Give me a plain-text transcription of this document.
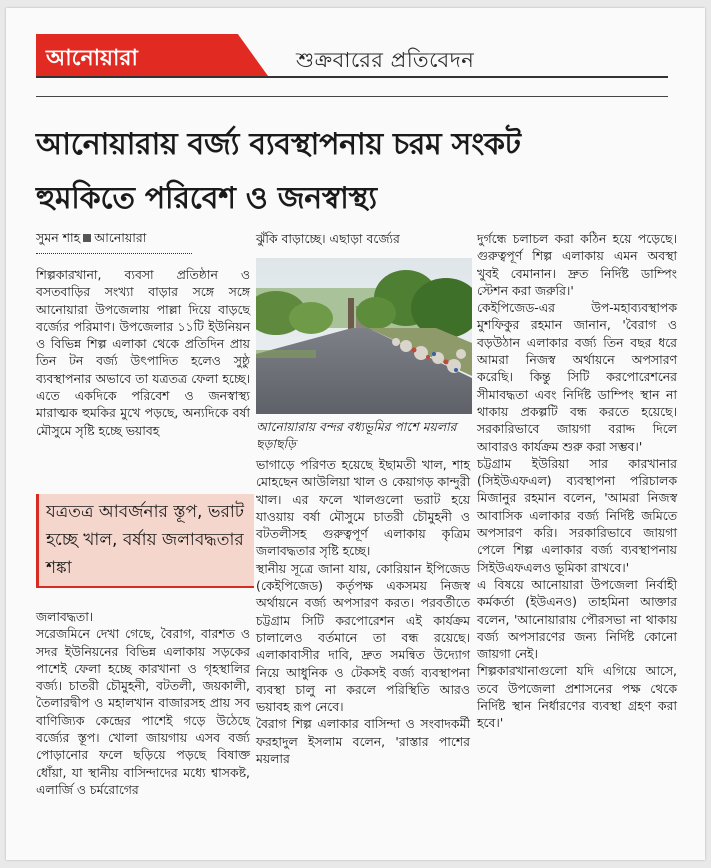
আনোয়ারা	শুক্রবারের প্রতিবেদন
আনোয়ারায় বর্জ্য ব্যবস্থাপনায় চরম সংকট
হুমকিতে পরিবেশ ও জনস্বাস্থ্য
সুমন শাহ আনোয়ারা

শিল্পকারখানা, ব্যবসা প্রতিষ্ঠান ও বসতবাড়ির সংখ্যা বাড়ার সঙ্গে সঙ্গে আনোয়ারা উপজেলায় পাল্লা দিয়ে বাড়ছে বর্জ্যের পরিমাণ। উপজেলার ১১টি ইউনিয়ন ও বিভিন্ন শিল্প এলাকা থেকে প্রতিদিন প্রায় তিন টন বর্জ্য উৎপাদিত হলেও সুষ্ঠু ব্যবস্থাপনার অভাবে তা যত্রতত্র ফেলা হচ্ছে। এতে একদিকে পরিবেশ ও জনস্বাস্থ্য মারাত্মক হুমকির মুখে পড়ছে, অন্যদিকে বর্ষা মৌসুমে সৃষ্টি হচ্ছে ভয়াবহ

যত্রতত্র আবর্জনার স্তূপ, ভরাট হচ্ছে খাল, বর্ষায় জলাবদ্ধতার শঙ্কা

জলাবদ্ধতা।

সরেজমিনে দেখা গেছে, বৈরাগ, বারশত ও সদর ইউনিয়নের বিভিন্ন এলাকায় সড়কের পাশেই ফেলা হচ্ছে কারখানা ও গৃহস্থালির বর্জ্য। চাতরী চৌমুহনী, বটতলী, জয়কালী, তৈলারদ্বীপ ও মহালখান বাজারসহ প্রায় সব বাণিজ্যিক কেন্দ্রের পাশেই গড়ে উঠেছে বর্জ্যের স্তূপ। খোলা জায়গায় এসব বর্জ্য পোড়ানোর ফলে ছড়িয়ে পড়ছে বিষাক্ত ধোঁয়া, যা স্থানীয় বাসিন্দাদের মধ্যে শ্বাসকষ্ট, এলার্জি ও চর্মরোগের

ঝুঁকি বাড়াচ্ছে। এছাড়া বর্জ্যের

আনোয়ারায় বন্দর বধ্যভূমির পাশে ময়লার ছড়াছড়ি

ভাগাড়ে পরিণত হয়েছে ইছামতী খাল, শাহ মোহছেন আউলিয়া খাল ও কেয়াগড় কান্দুরী খাল। এর ফলে খালগুলো ভরাট হয়ে যাওয়ায় বর্ষা মৌসুমে চাতরী চৌমুহনী ও বটতলীসহ গুরুত্বপূর্ণ এলাকায় কৃত্রিম জলাবদ্ধতার সৃষ্টি হচ্ছে।

স্থানীয় সূত্রে জানা যায়, কোরিয়ান ইপিজেড (কেইপিজেড) কর্তৃপক্ষ একসময় নিজস্ব অর্থায়নে বর্জ্য অপসারণ করত। পরবর্তীতে চট্টগ্রাম সিটি করপোরেশন এই কার্যক্রম চালালেও বর্তমানে তা বন্ধ রয়েছে। এলাকাবাসীর দাবি, দ্রুত সমন্বিত উদ্যোগ নিয়ে আধুনিক ও টেকসই বর্জ্য ব্যবস্থাপনা ব্যবস্থা চালু না করলে পরিস্থিতি আরও ভয়াবহ রূপ নেবে।

বৈরাগ শিল্প এলাকার বাসিন্দা ও সংবাদকর্মী ফরহাদুল ইসলাম বলেন, 'রাস্তার পাশের ময়লার

দুর্গন্ধে চলাচল করা কঠিন হয়ে পড়েছে। গুরুত্বপূর্ণ শিল্প এলাকায় এমন অবস্থা খুবই বেমানান। দ্রুত নির্দিষ্ট ডাম্পিং স্টেশন করা জরুরি।'

কেইপিজেড-এর উপ-মহাব্যবস্থাপক মুশফিকুর রহমান জানান, 'বৈরাগ ও বড়উঠান এলাকার বর্জ্য তিন বছর ধরে আমরা নিজস্ব অর্থায়নে অপসারণ করেছি। কিন্তু সিটি করপোরেশনের সীমাবদ্ধতা এবং নির্দিষ্ট ডাম্পিং স্থান না থাকায় প্রকল্পটি বন্ধ করতে হয়েছে। সরকারিভাবে জায়গা বরাদ্দ দিলে আবারও কার্যক্রম শুরু করা সম্ভব।'

চট্টগ্রাম ইউরিয়া সার কারখানার (সিইউএফএল) ব্যবস্থাপনা পরিচালক মিজানুর রহমান বলেন, 'আমরা নিজস্ব আবাসিক এলাকার বর্জ্য নির্দিষ্ট জমিতে অপসারণ করি। সরকারিভাবে জায়গা পেলে শিল্প এলাকার বর্জ্য ব্যবস্থাপনায় সিইউএফএলও ভূমিকা রাখবে।'

এ বিষয়ে আনোয়ারা উপজেলা নির্বাহী কর্মকর্তা (ইউএনও) তাহমিনা আক্তার বলেন, 'আনোয়ারায় পৌরসভা না থাকায় বর্জ্য অপসারণের জন্য নির্দিষ্ট কোনো জায়গা নেই।

শিল্পকারখানাগুলো যদি এগিয়ে আসে, তবে উপজেলা প্রশাসনের পক্ষ থেকে নির্দিষ্ট স্থান নির্ধারণের ব্যবস্থা গ্রহণ করা হবে।'
